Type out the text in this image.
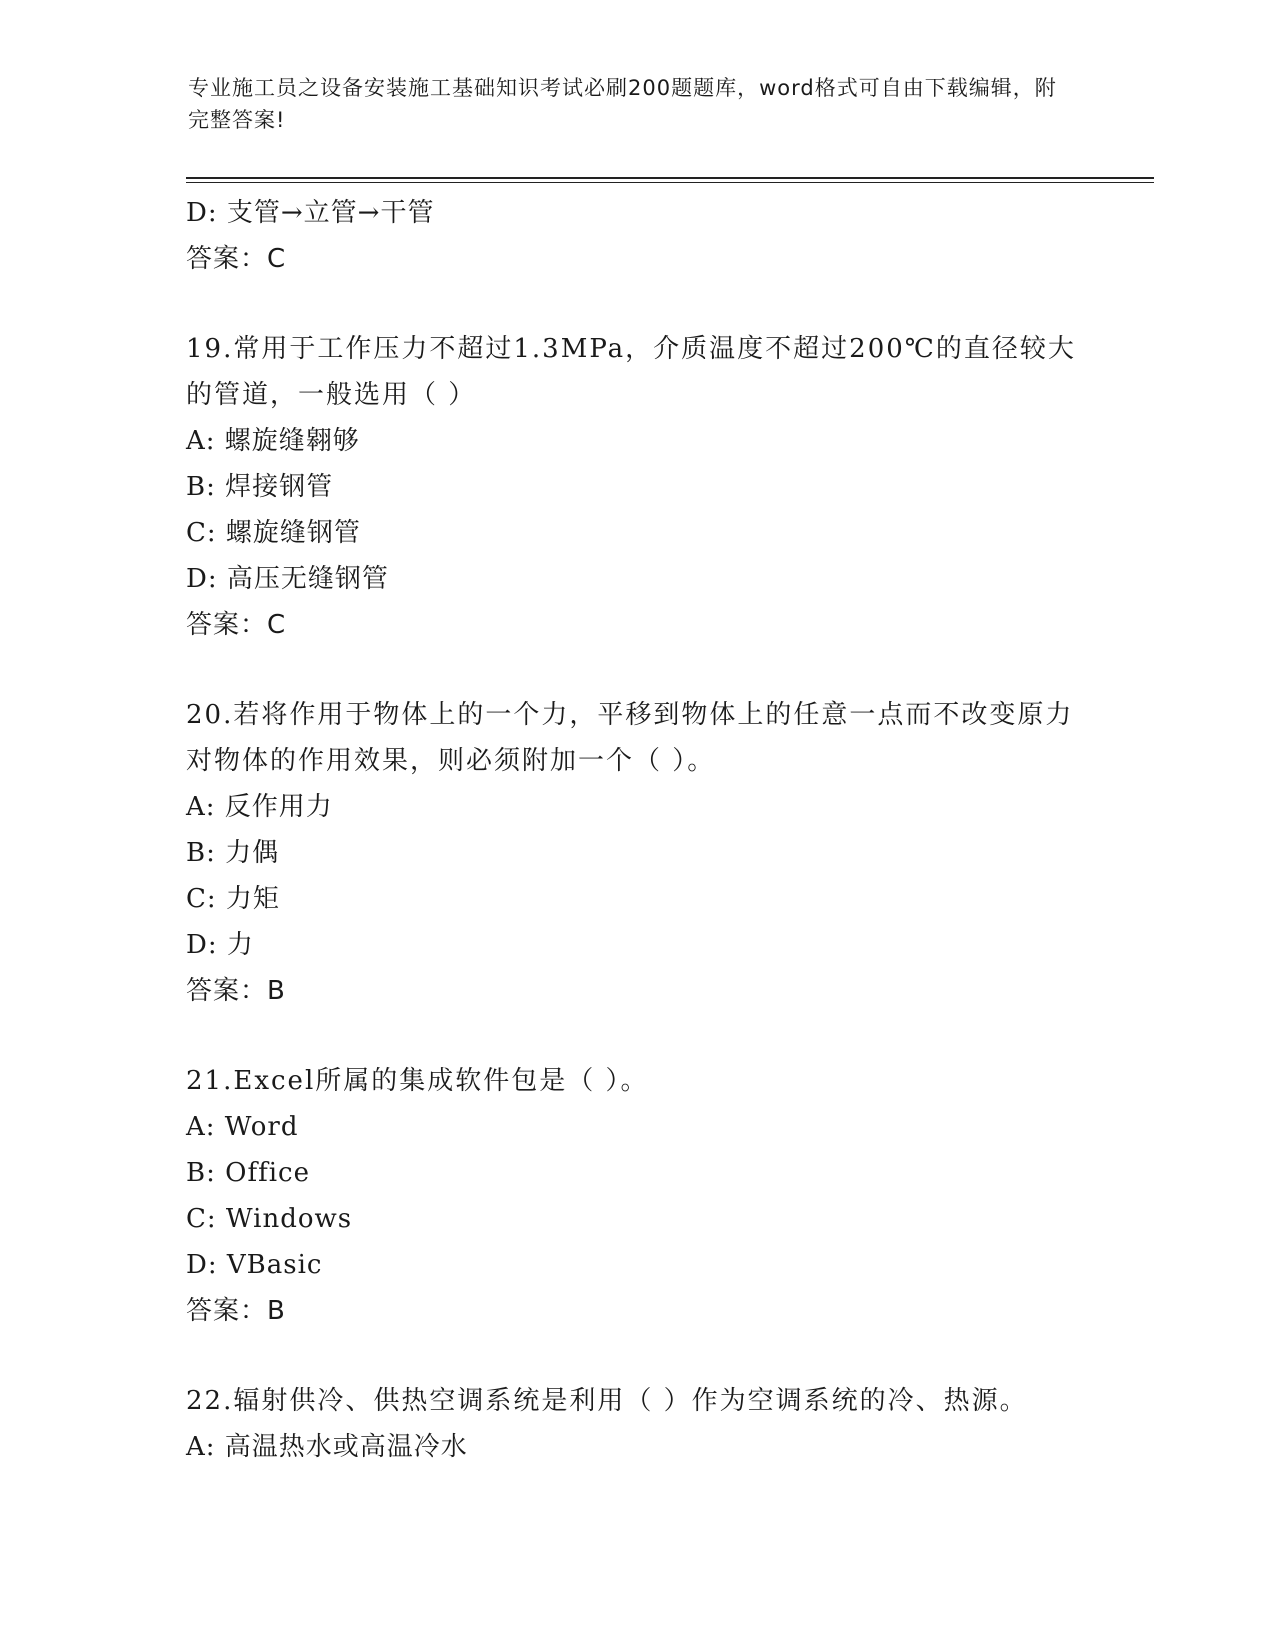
专业施工员之设备安装施工基础知识考试必刷200题题库，word格式可自由下载编辑，附完整答案!
D: 支管→立管→干管
答案：C
19.常用于工作压力不超过1.3MPa，介质温度不超过200℃的直径较大的管道，一般选用（ ）
A: 螺旋缝翱够
B: 焊接钢管
C: 螺旋缝钢管
D: 高压无缝钢管
答案：C
20.若将作用于物体上的一个力，平移到物体上的任意一点而不改变原力对物体的作用效果，则必须附加一个（ ）。
A: 反作用力
B: 力偶
C: 力矩
D: 力
答案：B
21.Excel所属的集成软件包是（ ）。
A: Word
B: Office
C: Windows
D: VBasic
答案：B
22.辐射供冷、供热空调系统是利用（ ）作为空调系统的冷、热源。
A: 高温热水或高温冷水
